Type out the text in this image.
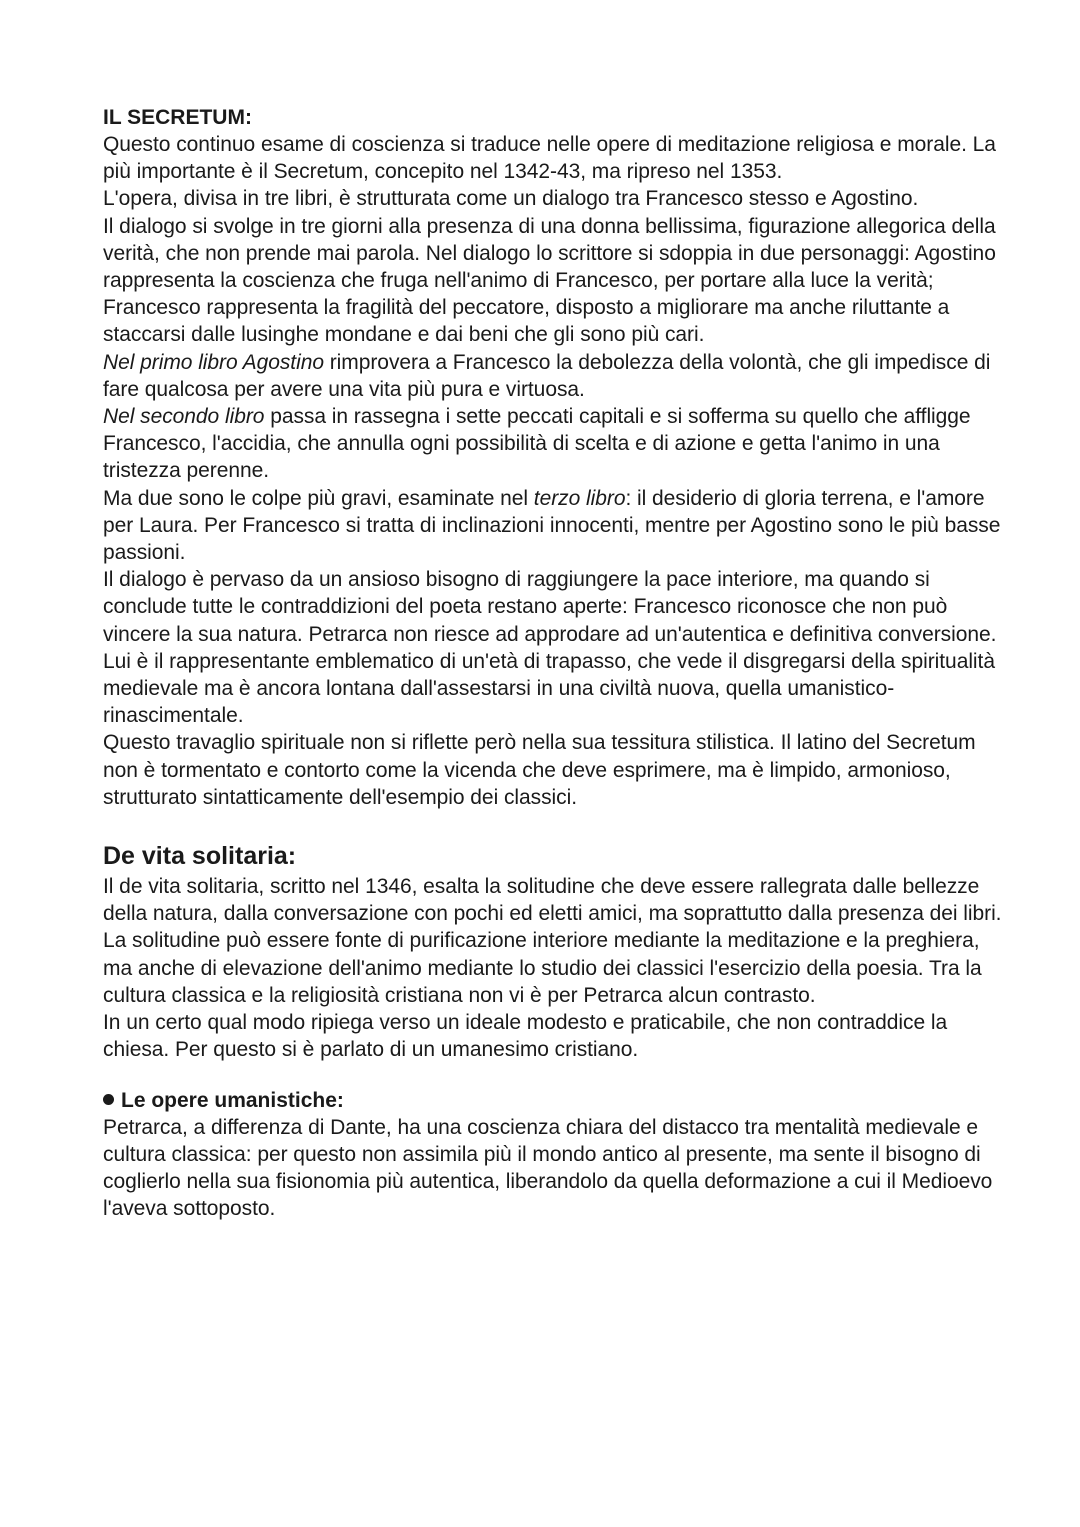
IL SECRETUM:

Questo continuo esame di coscienza si traduce nelle opere di meditazione religiosa e morale. La più importante è il Secretum, concepito nel 1342-43, ma ripreso nel 1353.

L'opera, divisa in tre libri, è strutturata come un dialogo tra Francesco stesso e Agostino.

Il dialogo si svolge in tre giorni alla presenza di una donna bellissima, figurazione allegorica della verità, che non prende mai parola. Nel dialogo lo scrittore si sdoppia in due personaggi: Agostino rappresenta la coscienza che fruga nell'animo di Francesco, per portare alla luce la verità; Francesco rappresenta la fragilità del peccatore, disposto a migliorare ma anche riluttante a staccarsi dalle lusinghe mondane e dai beni che gli sono più cari.

Nel primo libro Agostino rimprovera a Francesco la debolezza della volontà, che gli impedisce di fare qualcosa per avere una vita più pura e virtuosa.

Nel secondo libro passa in rassegna i sette peccati capitali e si sofferma su quello che affligge Francesco, l'accidia, che annulla ogni possibilità di scelta e di azione e getta l'animo in una tristezza perenne.

Ma due sono le colpe più gravi, esaminate nel terzo libro: il desiderio di gloria terrena, e l'amore per Laura. Per Francesco si tratta di inclinazioni innocenti, mentre per Agostino sono le più basse passioni.

Il dialogo è pervaso da un ansioso bisogno di raggiungere la pace interiore, ma quando si conclude tutte le contraddizioni del poeta restano aperte: Francesco riconosce che non può vincere la sua natura. Petrarca non riesce ad approdare ad un'autentica e definitiva conversione.

Lui è il rappresentante emblematico di un'età di trapasso, che vede il disgregarsi della spiritualità medievale ma è ancora lontana dall'assestarsi in una civiltà nuova, quella umanistico-rinascimentale.

Questo travaglio spirituale non si riflette però nella sua tessitura stilistica. Il latino del Secretum non è tormentato e contorto come la vicenda che deve esprimere, ma è limpido, armonioso, strutturato sintatticamente dell'esempio dei classici.

De vita solitaria:

Il de vita solitaria, scritto nel 1346, esalta la solitudine che deve essere rallegrata dalle bellezze della natura, dalla conversazione con pochi ed eletti amici, ma soprattutto dalla presenza dei libri.

La solitudine può essere fonte di purificazione interiore mediante la meditazione e la preghiera, ma anche di elevazione dell'animo mediante lo studio dei classici l'esercizio della poesia. Tra la cultura classica e la religiosità cristiana non vi è per Petrarca alcun contrasto.

In un certo qual modo ripiega verso un ideale modesto e praticabile, che non contraddice la chiesa. Per questo si è parlato di un umanesimo cristiano.

Le opere umanistiche:

Petrarca, a differenza di Dante, ha una coscienza chiara del distacco tra mentalità medievale e cultura classica: per questo non assimila più il mondo antico al presente, ma sente il bisogno di coglierlo nella sua fisionomia più autentica, liberandolo da quella deformazione a cui il Medioevo l'aveva sottoposto.
